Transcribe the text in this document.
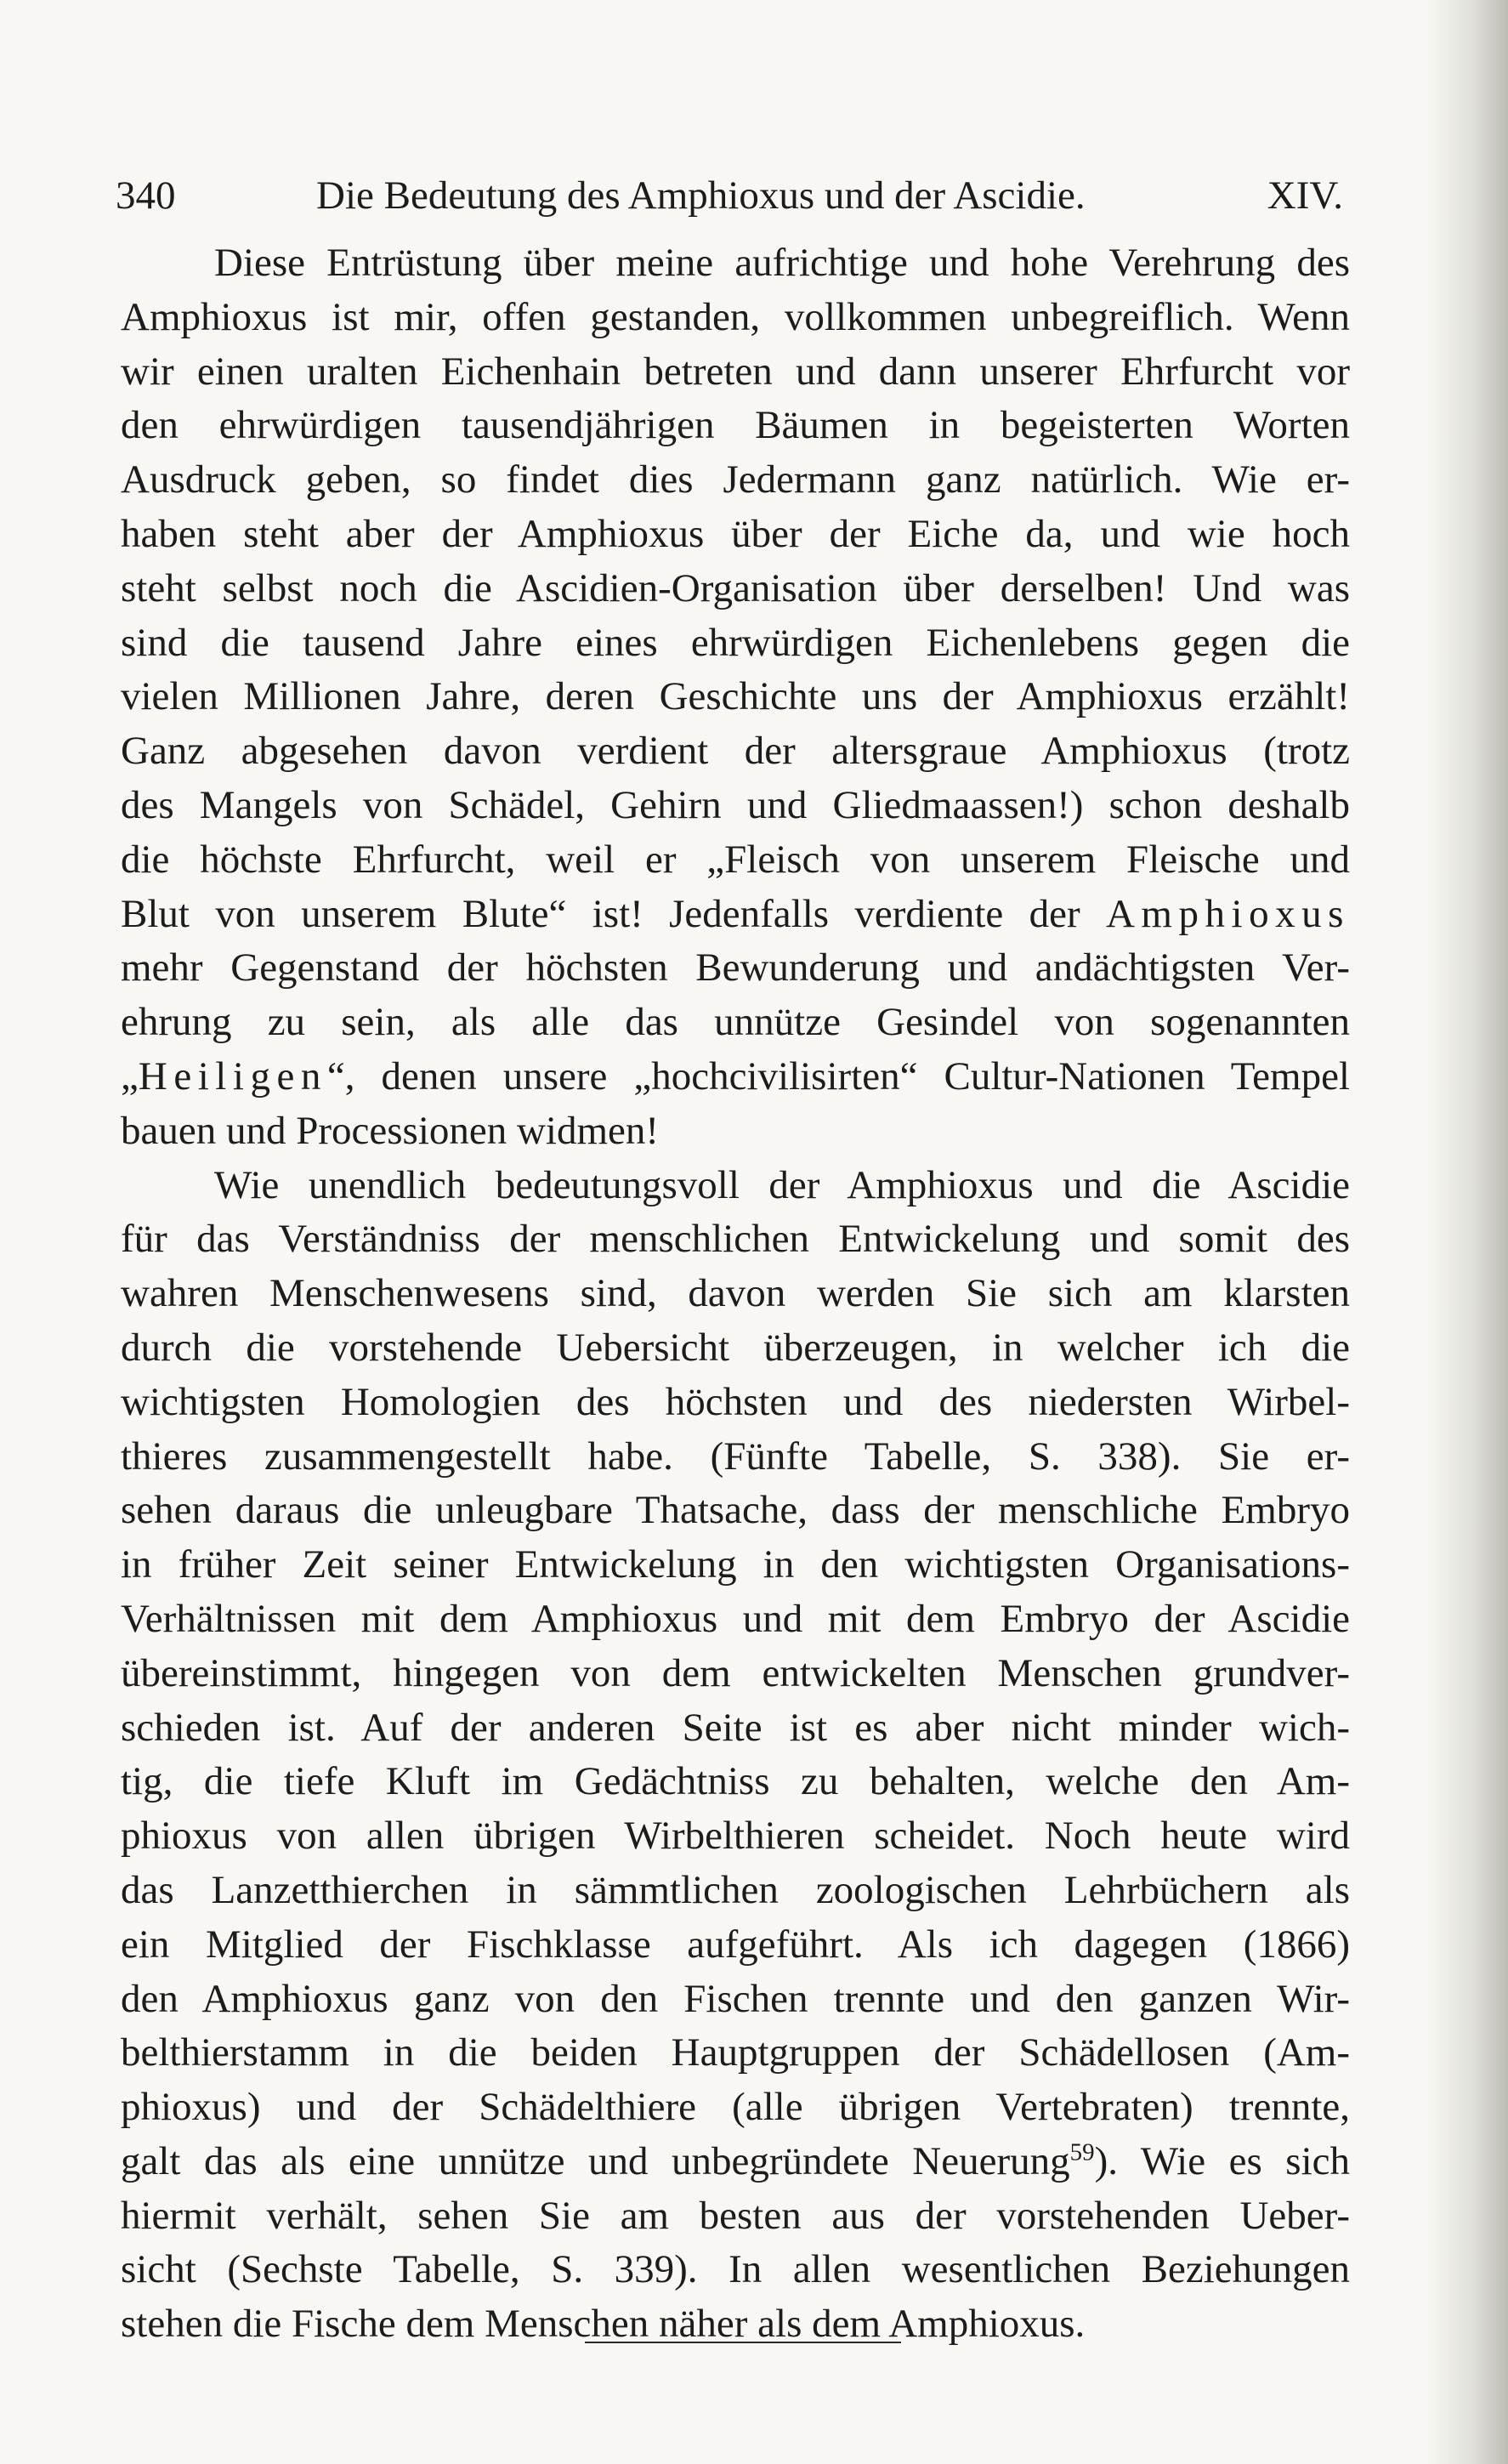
340	Die Bedeutung des Amphioxus und der Ascidie.	XIV.
Diese Entrüstung über meine aufrichtige und hohe Verehrung des
Amphioxus ist mir, offen gestanden, vollkommen unbegreiflich. Wenn
wir einen uralten Eichenhain betreten und dann unserer Ehrfurcht vor
den ehrwürdigen tausendjährigen Bäumen in begeisterten Worten
Ausdruck geben, so findet dies Jedermann ganz natürlich. Wie er-
haben steht aber der Amphioxus über der Eiche da, und wie hoch
steht selbst noch die Ascidien-Organisation über derselben! Und was
sind die tausend Jahre eines ehrwürdigen Eichenlebens gegen die
vielen Millionen Jahre, deren Geschichte uns der Amphioxus erzählt!
Ganz abgesehen davon verdient der altersgraue Amphioxus (trotz
des Mangels von Schädel, Gehirn und Gliedmaassen!) schon deshalb
die höchste Ehrfurcht, weil er „Fleisch von unserem Fleische und
Blut von unserem Blute“ ist! Jedenfalls verdiente der Amphioxus
mehr Gegenstand der höchsten Bewunderung und andächtigsten Ver-
ehrung zu sein, als alle das unnütze Gesindel von sogenannten
„Heiligen“, denen unsere „hochcivilisirten“ Cultur-Nationen Tempel
bauen und Processionen widmen!
Wie unendlich bedeutungsvoll der Amphioxus und die Ascidie
für das Verständniss der menschlichen Entwickelung und somit des
wahren Menschenwesens sind, davon werden Sie sich am klarsten
durch die vorstehende Uebersicht überzeugen, in welcher ich die
wichtigsten Homologien des höchsten und des niedersten Wirbel-
thieres zusammengestellt habe. (Fünfte Tabelle, S. 338). Sie er-
sehen daraus die unleugbare Thatsache, dass der menschliche Embryo
in früher Zeit seiner Entwickelung in den wichtigsten Organisations-
Verhältnissen mit dem Amphioxus und mit dem Embryo der Ascidie
übereinstimmt, hingegen von dem entwickelten Menschen grundver-
schieden ist. Auf der anderen Seite ist es aber nicht minder wich-
tig, die tiefe Kluft im Gedächtniss zu behalten, welche den Am-
phioxus von allen übrigen Wirbelthieren scheidet. Noch heute wird
das Lanzetthierchen in sämmtlichen zoologischen Lehrbüchern als
ein Mitglied der Fischklasse aufgeführt. Als ich dagegen (1866)
den Amphioxus ganz von den Fischen trennte und den ganzen Wir-
belthierstamm in die beiden Hauptgruppen der Schädellosen (Am-
phioxus) und der Schädelthiere (alle übrigen Vertebraten) trennte,
galt das als eine unnütze und unbegründete Neuerung$^{59}$). Wie es sich
hiermit verhält, sehen Sie am besten aus der vorstehenden Ueber-
sicht (Sechste Tabelle, S. 339). In allen wesentlichen Beziehungen
stehen die Fische dem Menschen näher als dem Amphioxus.
